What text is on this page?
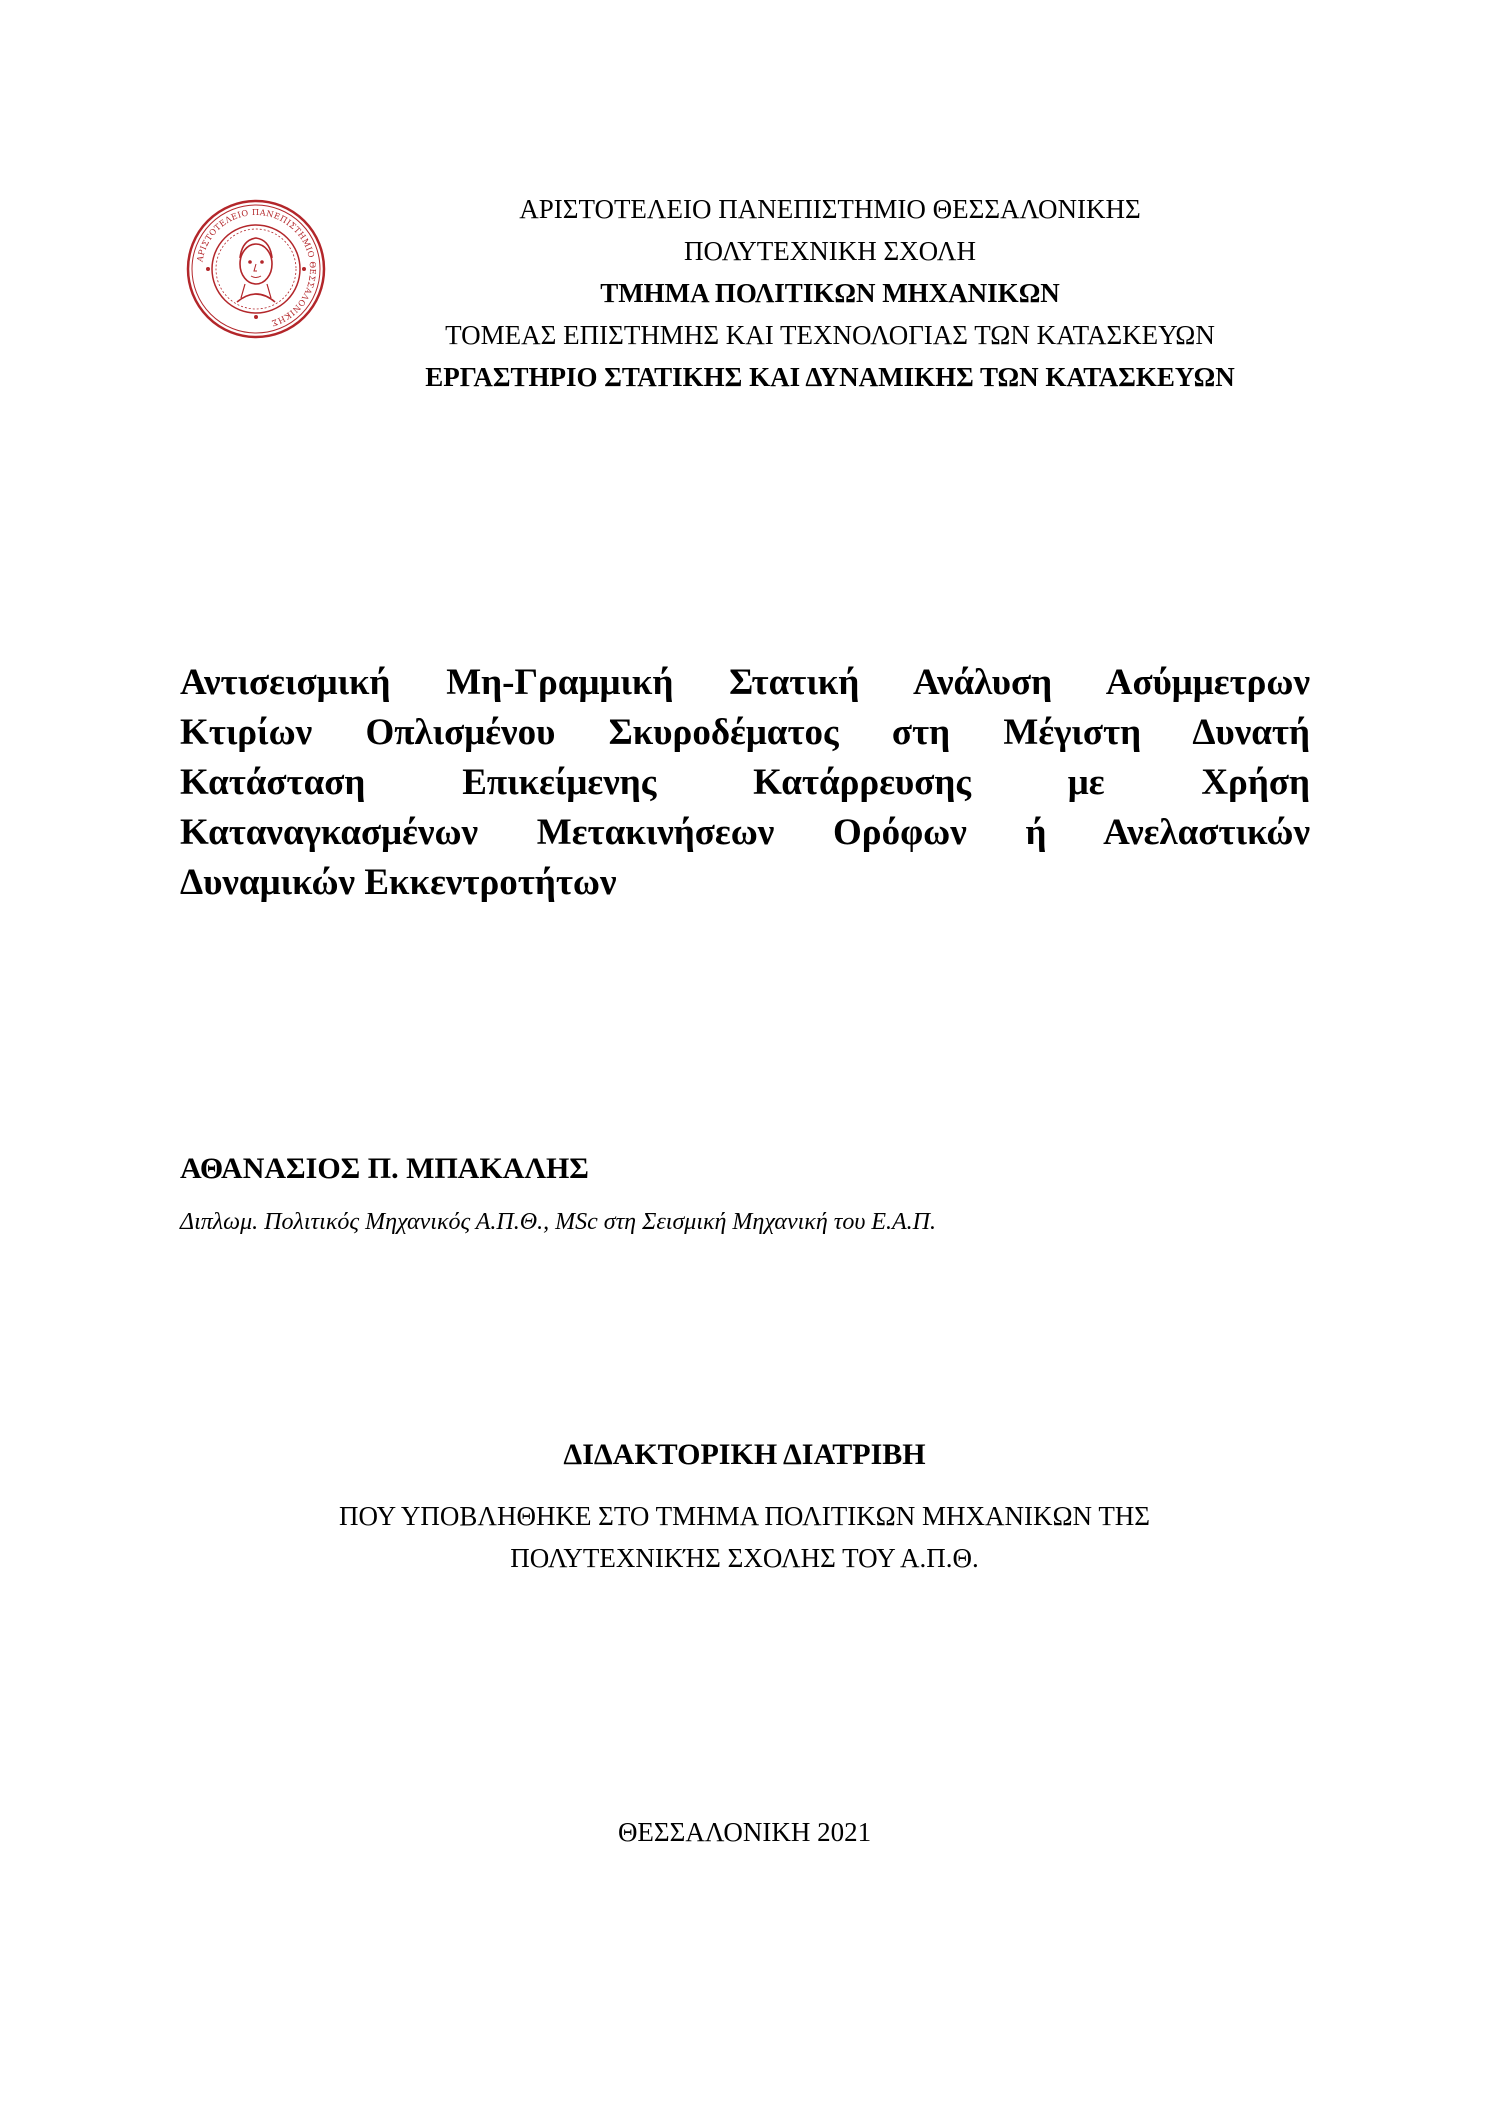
ΑΡΙΣΤΟΤΕΛΕΙΟ ΠΑΝΕΠΙΣΤΗΜΙΟ ΘΕΣΣΑΛΟΝΙΚΗΣ
ΑΡΙΣΤΟΤΕΛΕΙΟ ΠΑΝΕΠΙΣΤΗΜΙΟ ΘΕΣΣΑΛΟΝΙΚΗΣ
ΠΟΛΥΤΕΧΝΙΚΗ ΣΧΟΛΗ
ΤΜΗΜΑ ΠΟΛΙΤΙΚΩΝ ΜΗΧΑΝΙΚΩΝ
ΤΟΜΕΑΣ ΕΠΙΣΤΗΜΗΣ ΚΑΙ ΤΕΧΝΟΛΟΓΙΑΣ ΤΩΝ ΚΑΤΑΣΚΕΥΩΝ
ΕΡΓΑΣΤΗΡΙΟ ΣΤΑΤΙΚΗΣ ΚΑΙ ΔΥΝΑΜΙΚΗΣ ΤΩΝ ΚΑΤΑΣΚΕΥΩΝ
Αντισεισμική Μη-Γραμμική Στατική Ανάλυση Ασύμμετρων
Κτιρίων Οπλισμένου Σκυροδέματος στη Μέγιστη Δυνατή
Κατάσταση Επικείμενης Κατάρρευσης με Χρήση
Καταναγκασμένων Μετακινήσεων Ορόφων ή Ανελαστικών
Δυναμικών Εκκεντροτήτων
ΑΘΑΝΑΣΙΟΣ Π. ΜΠΑΚΑΛΗΣ
Διπλωμ. Πολιτικός Μηχανικός Α.Π.Θ., MSc στη Σεισμική Μηχανική του Ε.Α.Π.
ΔΙΔΑΚΤΟΡΙΚΗ ΔΙΑΤΡΙΒΗ
ΠΟΥ ΥΠΟΒΛΗΘΗΚΕ ΣΤΟ ΤΜΗΜΑ ΠΟΛΙΤΙΚΩΝ ΜΗΧΑΝΙΚΩΝ ΤΗΣ
ΠΟΛΥΤΕΧΝΙΚΉΣ ΣΧΟΛΗΣ ΤΟΥ Α.Π.Θ.
ΘΕΣΣΑΛΟΝΙΚΗ 2021
